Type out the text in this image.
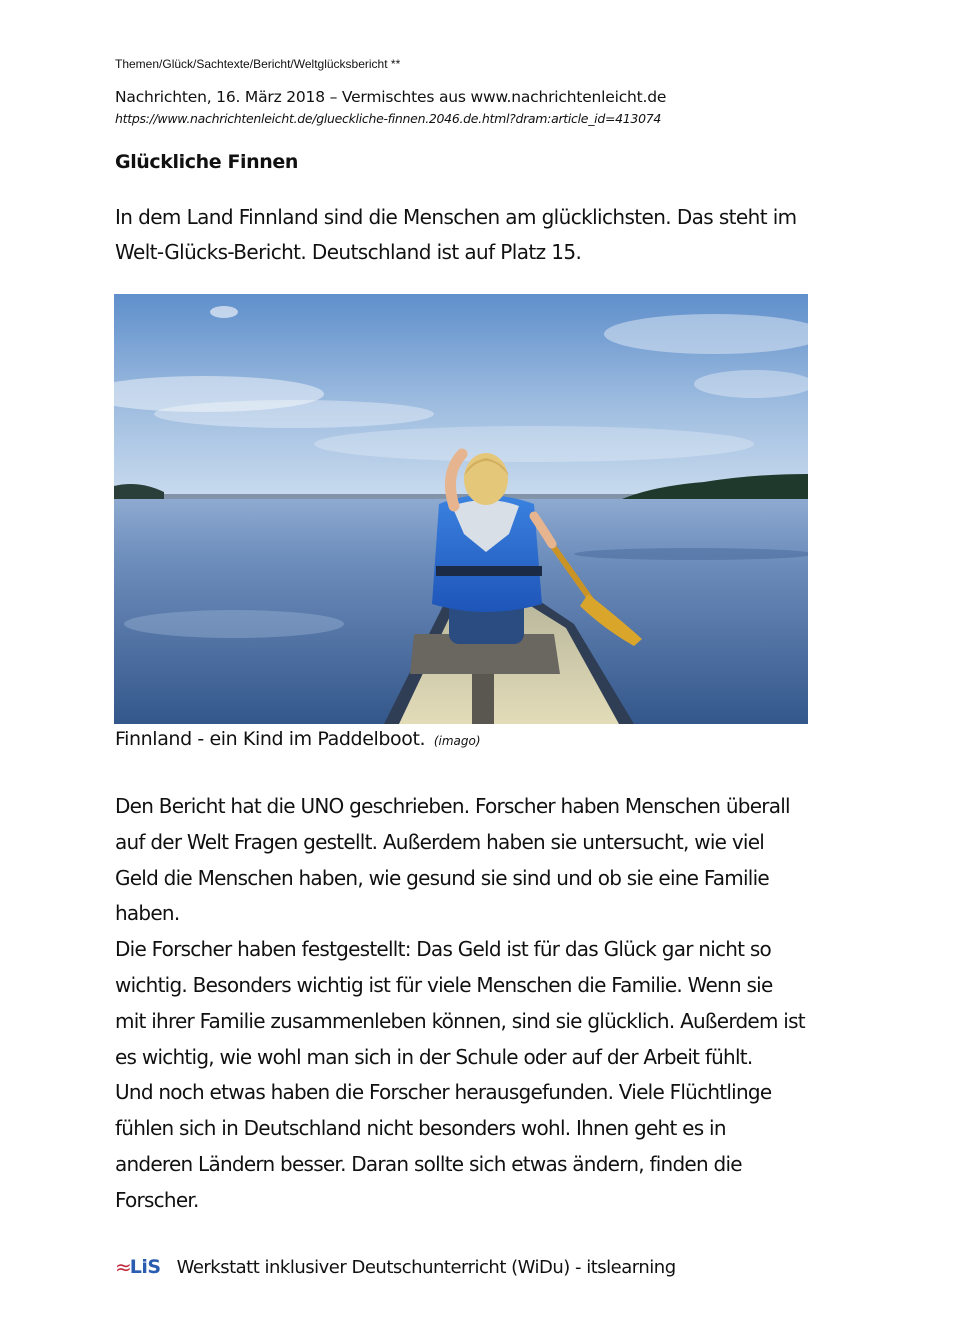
Themen/Glück/Sachtexte/Bericht/Weltglücksbericht **
Nachrichten, 16. März 2018 – Vermischtes aus www.nachrichtenleicht.de
https://www.nachrichtenleicht.de/glueckliche-finnen.2046.de.html?dram:article_id=413074
Glückliche Finnen
In dem Land Finnland sind die Menschen am glücklichsten. Das steht im
Welt-Glücks-Bericht. Deutschland ist auf Platz 15.
Finnland - ein Kind im Paddelboot. (imago)

Den Bericht hat die UNO geschrieben. Forscher haben Menschen überall

auf der Welt Fragen gestellt. Außerdem haben sie untersucht, wie viel

Geld die Menschen haben, wie gesund sie sind und ob sie eine Familie

haben.

Die Forscher haben festgestellt: Das Geld ist für das Glück gar nicht so

wichtig. Besonders wichtig ist für viele Menschen die Familie. Wenn sie

mit ihrer Familie zusammenleben können, sind sie glücklich. Außerdem ist

es wichtig, wie wohl man sich in der Schule oder auf der Arbeit fühlt.

Und noch etwas haben die Forscher herausgefunden. Viele Flüchtlinge

fühlen sich in Deutschland nicht besonders wohl. Ihnen geht es in

anderen Ländern besser. Daran sollte sich etwas ändern, finden die

Forscher.

≈ LiS Werkstatt inklusiver Deutschunterricht (WiDu) - itslearning
